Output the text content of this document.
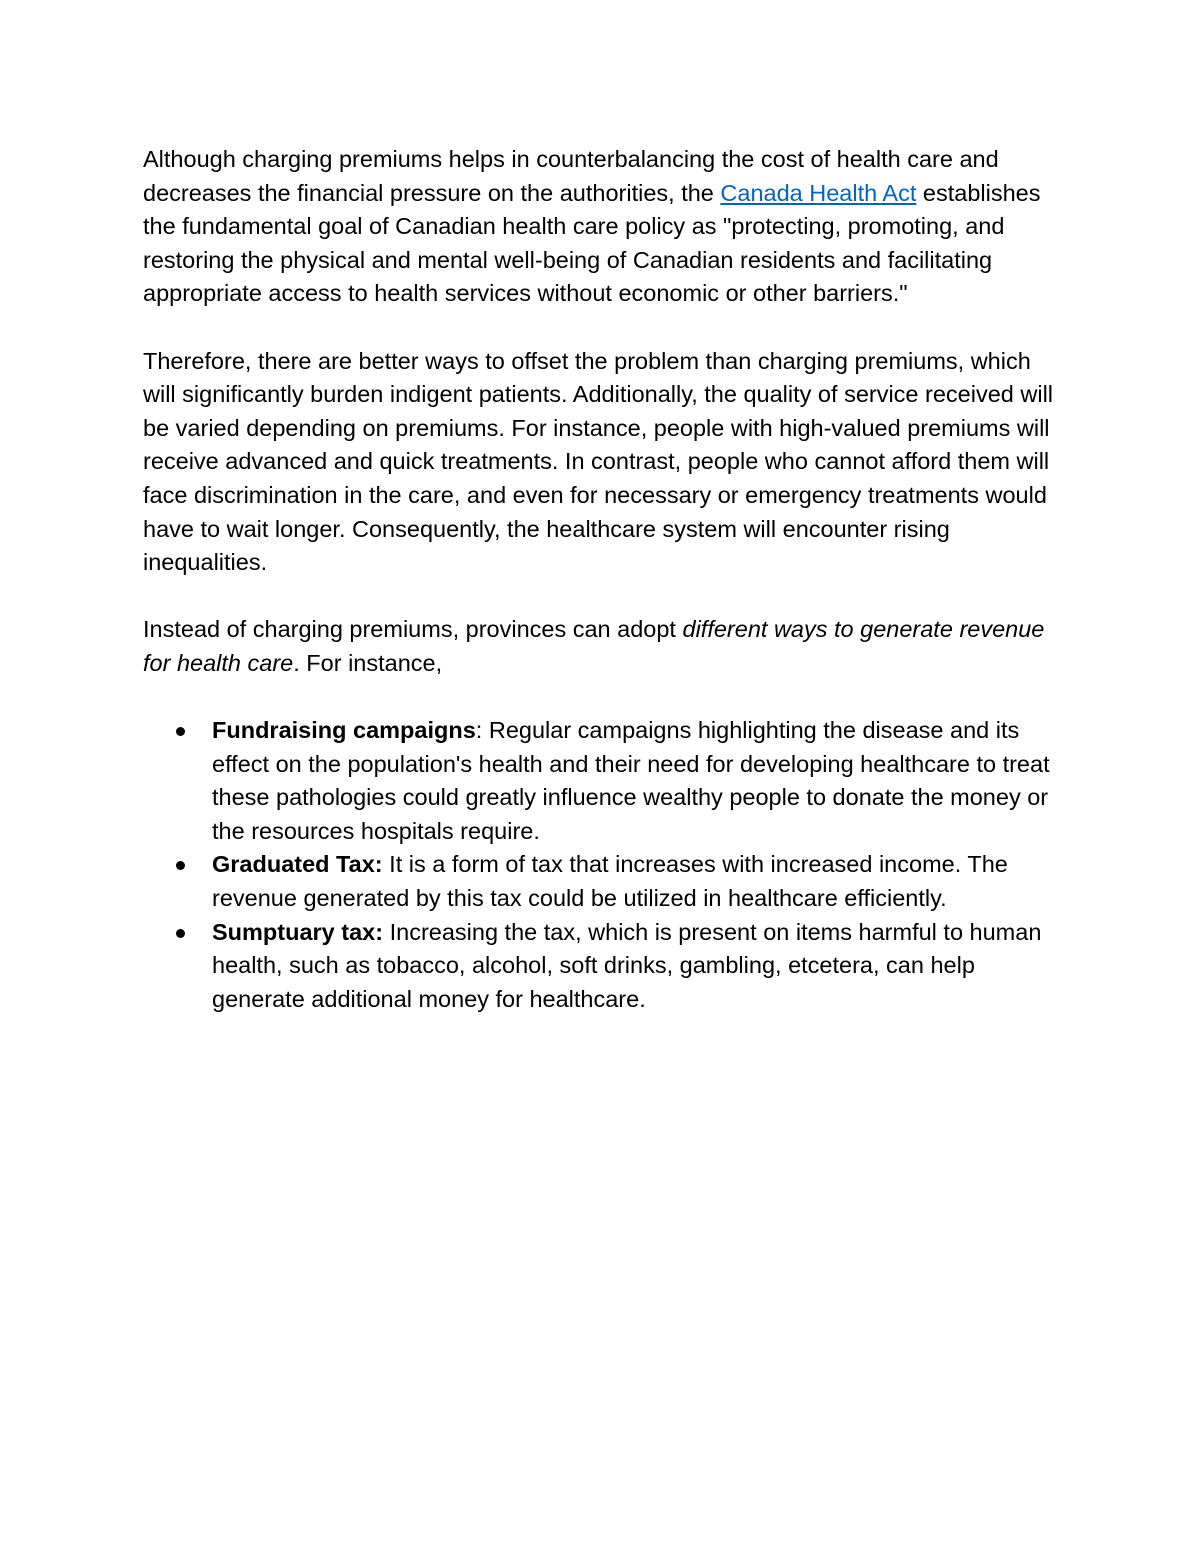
Although charging premiums helps in counterbalancing the cost of health care and decreases the financial pressure on the authorities, the Canada Health Act establishes the fundamental goal of Canadian health care policy as "protecting, promoting, and restoring the physical and mental well-being of Canadian residents and facilitating appropriate access to health services without economic or other barriers."

Therefore, there are better ways to offset the problem than charging premiums, which will significantly burden indigent patients. Additionally, the quality of service received will be varied depending on premiums. For instance, people with high-valued premiums will receive advanced and quick treatments. In contrast, people who cannot afford them will face discrimination in the care, and even for necessary or emergency treatments would have to wait longer. Consequently, the healthcare system will encounter rising inequalities.

Instead of charging premiums, provinces can adopt different ways to generate revenue for health care. For instance,

Fundraising campaigns: Regular campaigns highlighting the disease and its effect on the population's health and their need for developing healthcare to treat these pathologies could greatly influence wealthy people to donate the money or the resources hospitals require.
Graduated Tax: It is a form of tax that increases with increased income. The revenue generated by this tax could be utilized in healthcare efficiently.
Sumptuary tax: Increasing the tax, which is present on items harmful to human health, such as tobacco, alcohol, soft drinks, gambling, etcetera, can help generate additional money for healthcare.
